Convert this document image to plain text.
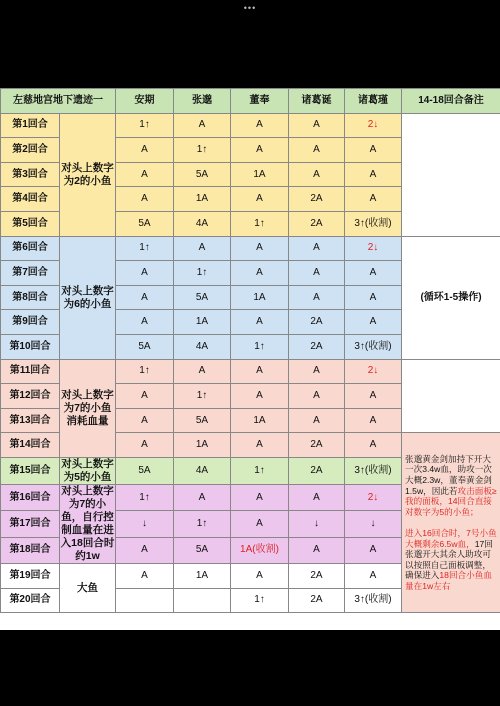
•••
左慈地宫地下遗迹一		安期	张邈	董奉	诸葛诞	诸葛瑾	14-18回合备注
第1回合	对头上数字为2的小鱼	1↑	A	A	A	2↓	
第2回合		A	1↑	A	A	A	
第3回合		A	5A	1A	A	A	
第4回合		A	1A	A	2A	A	
第5回合		5A	4A	1↑	2A	3↑(收割)	
第6回合	对头上数字为6的小鱼	1↑	A	A	A	2↓	(循环1-5操作)
第7回合		A	1↑	A	A	A	
第8回合		A	5A	1A	A	A	
第9回合		A	1A	A	2A	A	
第10回合		5A	4A	1↑	2A	3↑(收割)	
第11回合	对头上数字为7的小鱼消耗血量	1↑	A	A	A	2↓	
第12回合		A	1↑	A	A	A	
第13回合		A	5A	1A	A	A	
第14回合		A	1A	A	2A	A	张邈黄金剑加持下开大一次3.4w血，助攻一次大概2.3w，董奉黄金剑1.5w，因此若攻击面板≥我的面板，14回合直接对数字为5的小鱼；

进入16回合时，7号小鱼大概剩余6.5w血，17回张邈开大其余人助攻可以按照自己面板调整，确保进入18回合小鱼血量在1w左右
第15回合	对头上数字为5的小鱼	5A	4A	1↑	2A	3↑(收割)	
第16回合	对头上数字为7的小鱼，自行控制血量在进入18回合时约1w	1↑	A	A	A	2↓	
第17回合		↓	1↑	A	↓	↓	
第18回合		A	5A	1A(收割)	A	A	
第19回合	大鱼	A	1A	A	2A	A	
第20回合				1↑	2A	3↑(收割)	
